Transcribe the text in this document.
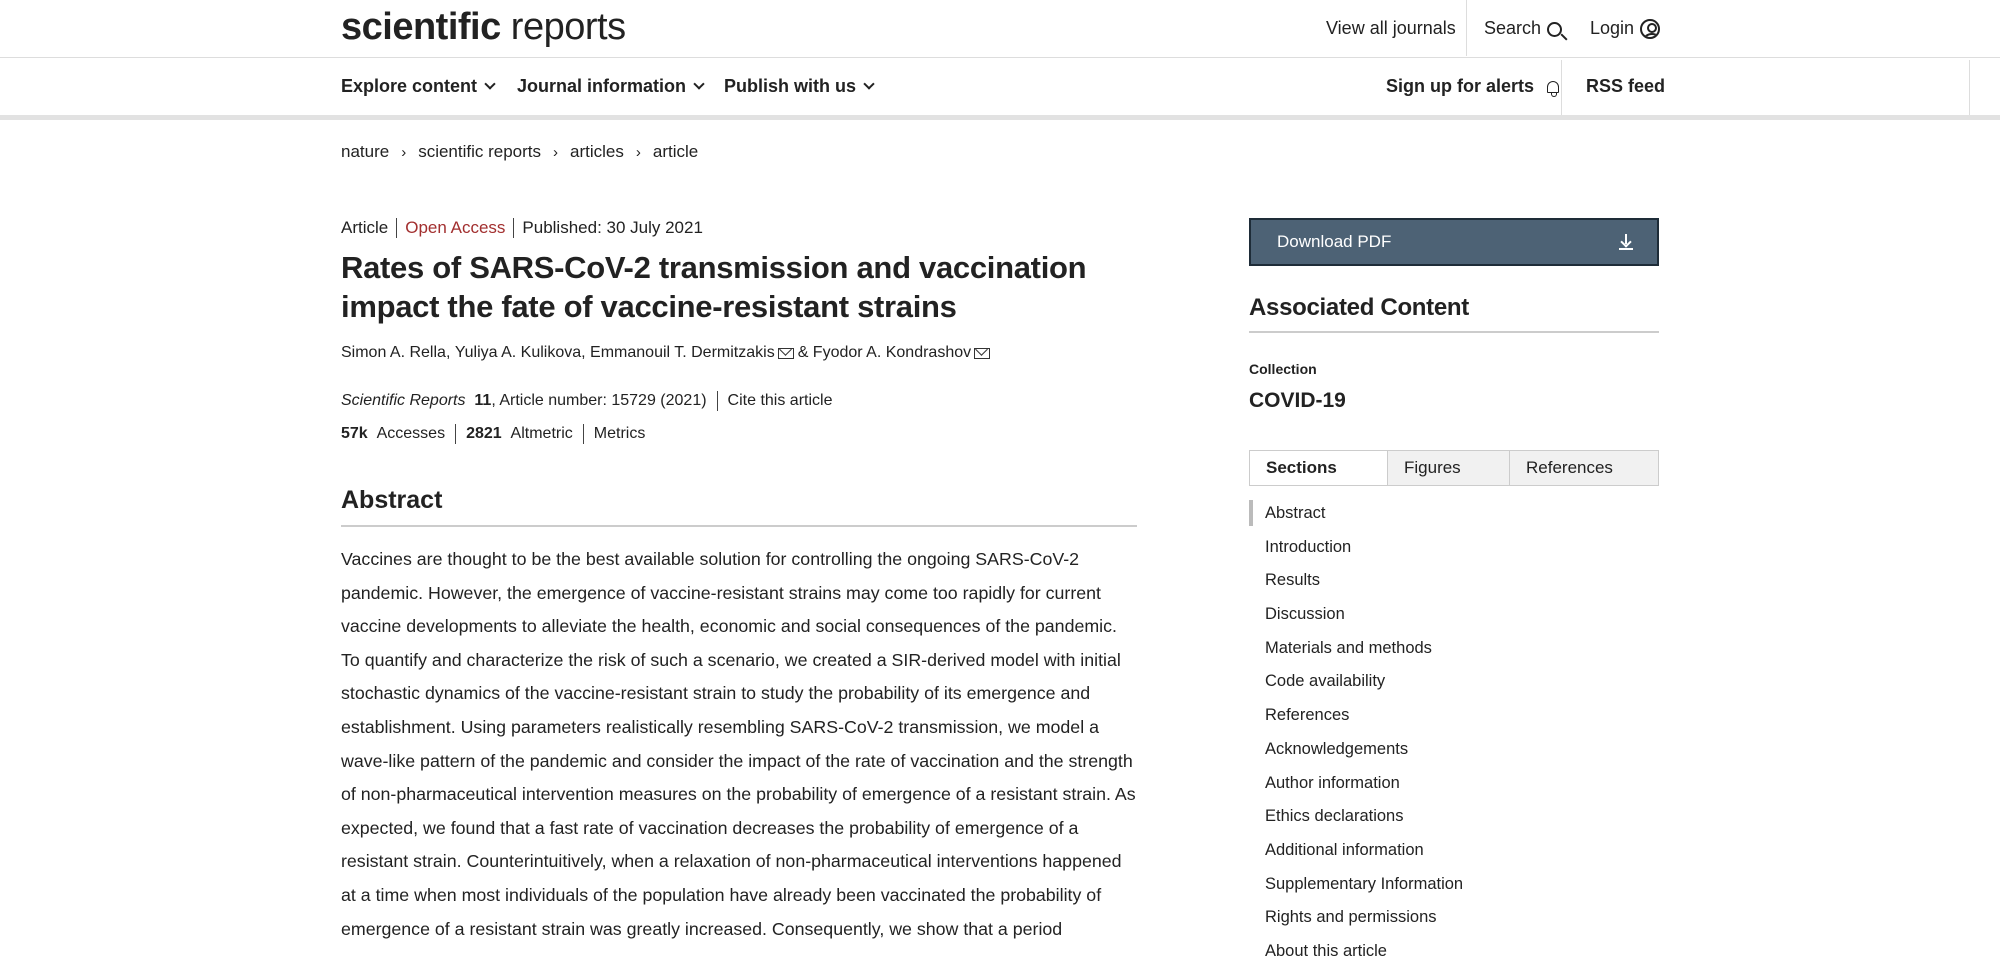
scientific reports	View all journals Search	Login
Explore content Journal information Publish with us	Sign up for alerts	RSS feed
nature › scientific reports › articles › article
Article Open Access Published: 30 July 2021
Rates of SARS-CoV-2 transmission and vaccination impact the fate of vaccine-resistant strains
Simon A. Rella,
Yuliya A. Kulikova,
Emmanouil T. Dermitzakis & Fyodor A. Kondrashov
Scientific Reports
11 , Article number: 15729 (2021) Cite this article
57k
Accesses 2821
Altmetric Metrics
Abstract
Vaccines are thought to be the best available solution for controlling the ongoing SARS-CoV-2 pandemic. However, the emergence of vaccine-resistant strains may come too rapidly for current vaccine developments to alleviate the health, economic and social consequences of the pandemic. To quantify and characterize the risk of such a scenario, we created a SIR-derived model with initial stochastic dynamics of the vaccine-resistant strain to study the probability of its emergence and establishment. Using parameters realistically resembling SARS-CoV-2 transmission, we model a wave-like pattern of the pandemic and consider the impact of the rate of vaccination and the strength of non-pharmaceutical intervention measures on the probability of emergence of a resistant strain. As expected, we found that a fast rate of vaccination decreases the probability of emergence of a resistant strain. Counterintuitively, when a relaxation of non-pharmaceutical interventions happened at a time when most individuals of the population have already been vaccinated the probability of emergence of a resistant strain was greatly increased. Consequently, we show that a period
Download PDF
Associated Content
Collection
COVID-19
Sections	Figures	References
Abstract
Introduction
Results
Discussion
Materials and methods
Code availability
References
Acknowledgements
Author information
Ethics declarations
Additional information
Supplementary Information
Rights and permissions
About this article
